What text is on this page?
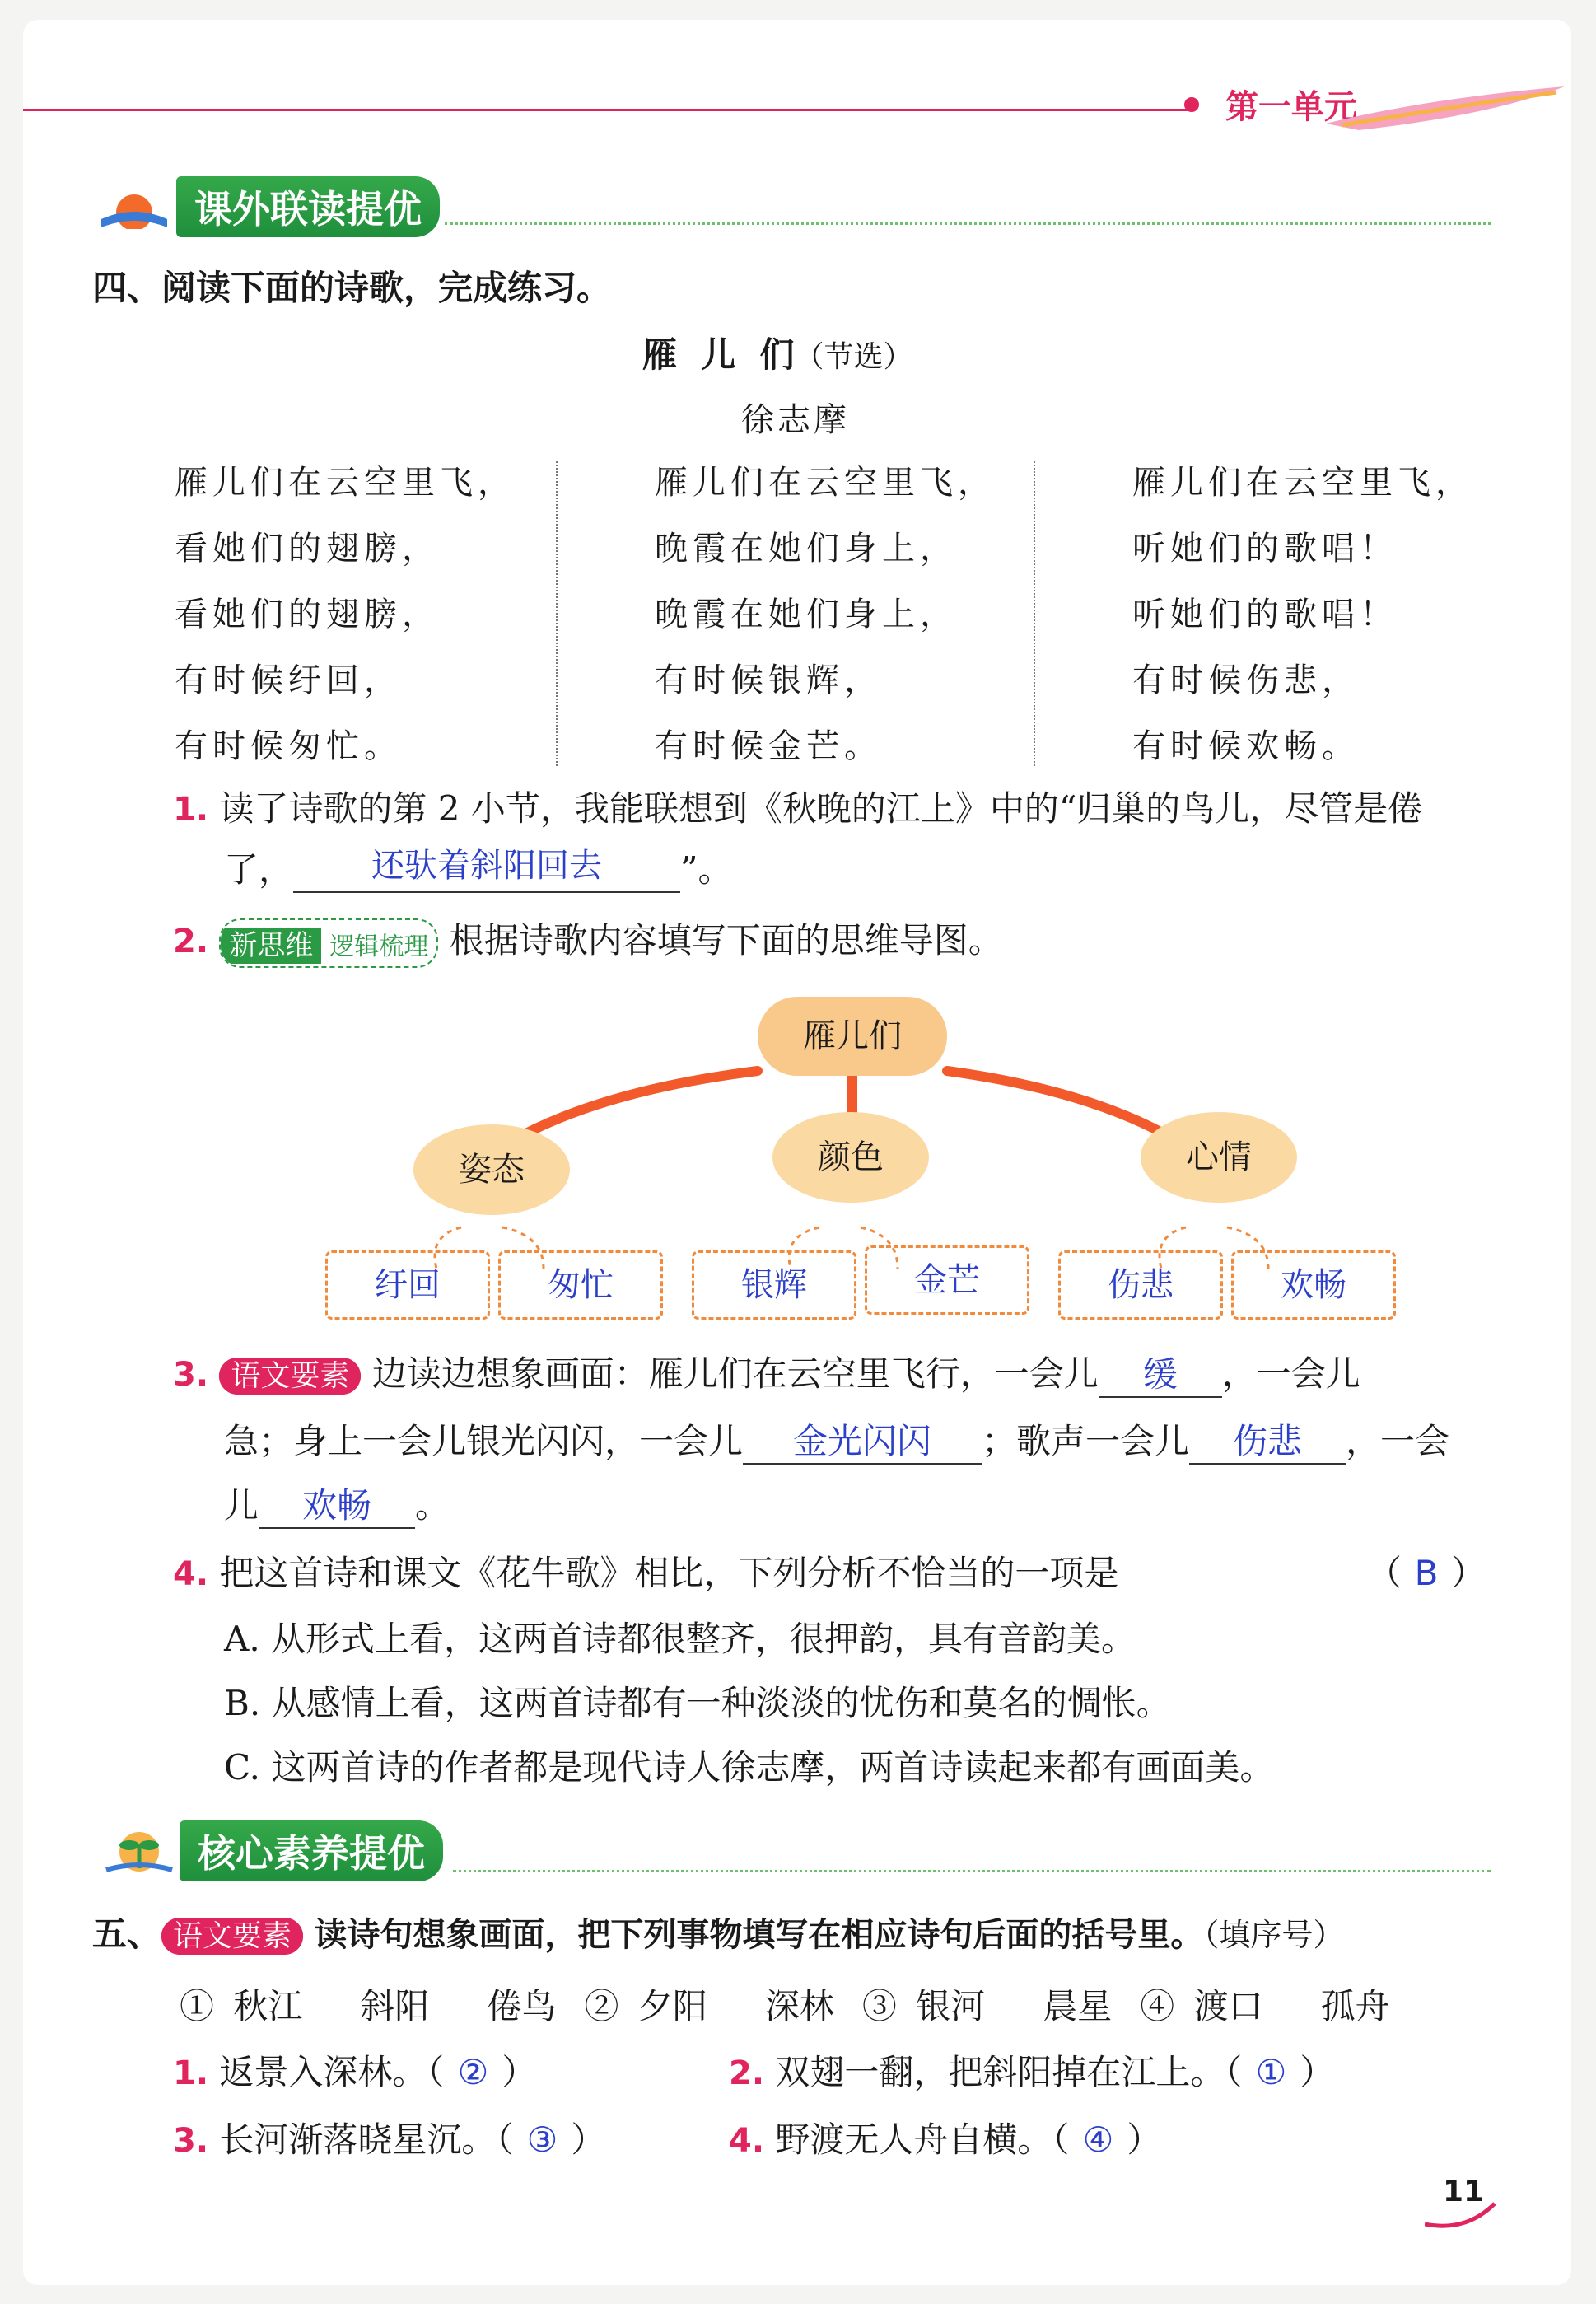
第一单元
课外联读提优
四、阅读下面的诗歌，完成练习。
雁  儿  们（节选）
徐志摩
雁儿们在云空里飞，
看她们的翅膀，
看她们的翅膀，
有时候纡回，
有时候匆忙。
雁儿们在云空里飞，
晚霞在她们身上，
晚霞在她们身上，
有时候银辉，
有时候金芒。
雁儿们在云空里飞，
听她们的歌唱！
听她们的歌唱！
有时候伤悲，
有时候欢畅。
1. 读了诗歌的第 2 小节，我能联想到《秋晚的江上》中的“归巢的鸟儿，尽管是倦
了， 还驮着斜阳回去 ”。
2. 新思维 逻辑梳理 根据诗歌内容填写下面的思维导图。
雁儿们
姿态	颜色	心情
纡回	匆忙	银辉	金芒	伤悲	欢畅
3. 语文要素 边读边想象画面：雁儿们在云空里飞行，一会儿 缓 ，一会儿
急；身上一会儿银光闪闪，一会儿 金光闪闪 ；歌声一会儿 伤悲 ，一会
儿 欢畅 。
4. 把这首诗和课文《花牛歌》相比，下列分析不恰当的一项是	（ B ）
A. 从形式上看，这两首诗都很整齐，很押韵，具有音韵美。
B. 从感情上看，这两首诗都有一种淡淡的忧伤和莫名的惆怅。
C. 这两首诗的作者都是现代诗人徐志摩，两首诗读起来都有画面美。
核心素养提优
五、 语文要素 读诗句想象画面，把下列事物填写在相应诗句后面的括号里。（填序号）
① 秋江   斜阳   倦鸟 ② 夕阳   深林 ③ 银河   晨星 ④ 渡口   孤舟
1. 返景入深林。（ ② ）	2. 双翅一翻，把斜阳掉在江上。（ ① ）
3. 长河渐落晓星沉。（ ③ ）	4. 野渡无人舟自横。（ ④ ）
11
